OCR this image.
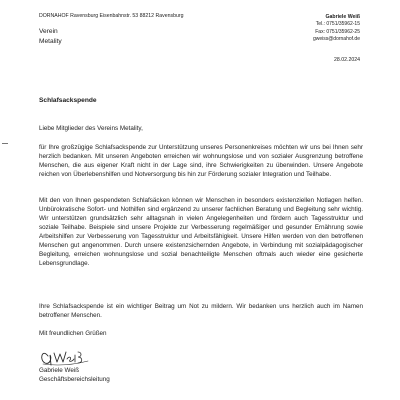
DORNAHOF Ravensburg Eisenbahnstr. 53 88212 Ravensburg
Verein
Metality
Gabriele Weiß
Tel.: 0751/35962-15
Fax: 0751/35962-25
gweiss@dornahof.de
28.02.2024
Schlafsackspende
Liebe Mitglieder des Vereins Metality,
für Ihre großzügige Schlafsackspende zur Unterstützung unseres Personenkreises möchten wir uns bei Ihnen sehr herzlich bedanken. Mit unseren Angeboten erreichen wir wohnungslose und von sozialer Ausgrenzung betroffene Menschen, die aus eigener Kraft nicht in der Lage sind, ihre Schwierigkeiten zu überwinden. Unsere Angebote reichen von Überlebenshilfen und Notversorgung bis hin zur Förderung sozialer Integration und Teilhabe.
Mit den von Ihnen gespendeten Schlafsäcken können wir Menschen in besonders existenziellen Notlagen helfen. Unbürokratische Sofort- und Nothilfen sind ergänzend zu unserer fachlichen Beratung und Begleitung sehr wichtig. Wir unterstützen grundsätzlich sehr alltagsnah in vielen Angelegenheiten und fördern auch Tagesstruktur und soziale Teilhabe. Beispiele sind unsere Projekte zur Verbesserung regelmäßiger und gesunder Ernährung sowie Arbeitshilfen zur Verbesserung von Tagesstruktur und Arbeitsfähigkeit. Unsere Hilfen werden von den betroffenen Menschen gut angenommen. Durch unsere existenzsichernden Angebote, in Verbindung mit sozialpädagogischer Begleitung, erreichen wohnungslose und sozial benachteiligte Menschen oftmals auch wieder eine gesicherte Lebensgrundlage.
Ihre Schlafsackspende ist ein wichtiger Beitrag um Not zu mildern. Wir bedanken uns herzlich auch im Namen betroffener Menschen.
Mit freundlichen Grüßen
Gabriele Weiß
Geschäftsbereichsleitung
